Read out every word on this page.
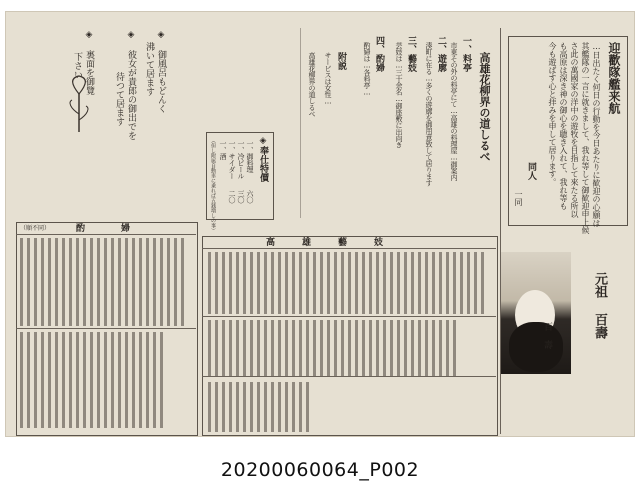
迎歡隊艦来航
…日出たく何日の行動を今日あたりに歓迎の心願は
其艦隊の一言に就きまして、我れ等して御歓迎申上候
さ此の萬國家の洋中の遊牧を目指して來たる所以
も高原は深き神の御心を聴き入れて、我れ等も
今も遊ばす心と拝みを申して居ります。
同人
一同
高雄花柳界の道しるべ
一、料亭
市東その外の料亭にて…高雄の料理屋…御案内
二、遊廓
湊町に在る…多くの遊廓を御用意致して居ります
三、藝妓
芸妓は…三十余名…御座敷に出向き
四、酌婦
酌婦は…各料亭…
附説
サービスは女性…
高雄花柳界の道しるべ
◈奉仕特價
一、御料理
一、冷ビール
一、サイダー
一、酒
（但し附属自動車に乗れば五銭増しの事）	六〇
三〇
二〇
◈ 御風呂もどんく
沸いて居ます
◈ 彼女が貴郎の御出でを
待つて居ます
◈ 裏面を御覽
下さい
酌　　　　婦
（順不同）
高　　　雄　　　藝　　　妓
元祖 百壽
百　壽
20200060064_P002
